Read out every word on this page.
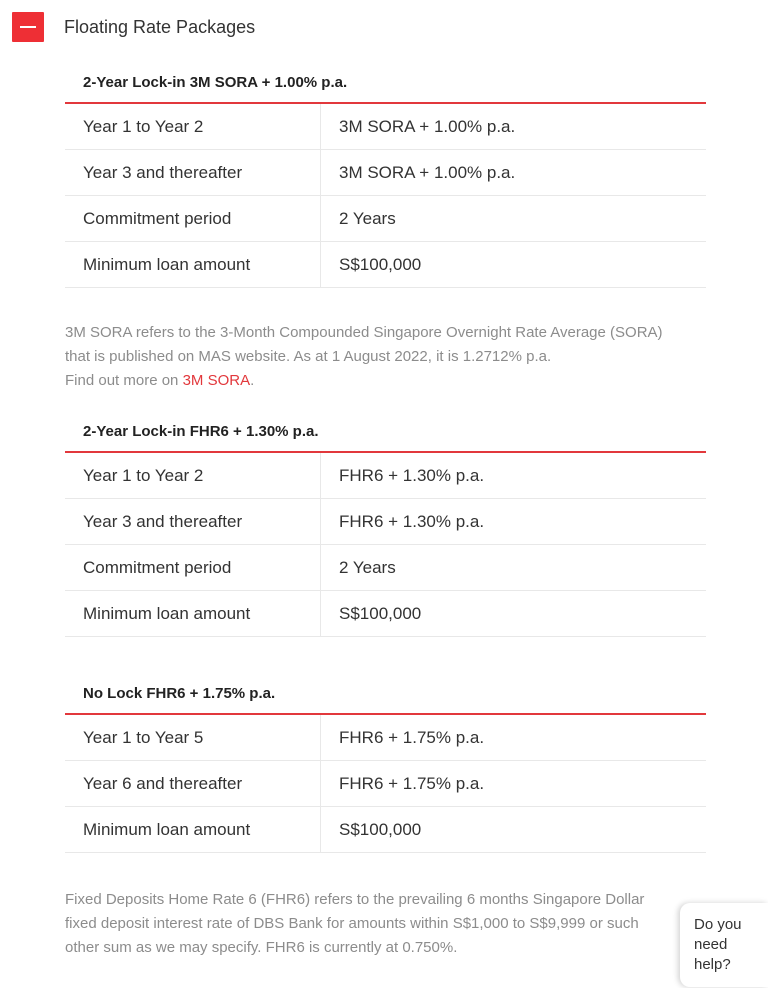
Floating Rate Packages
2-Year Lock-in 3M SORA + 1.00% p.a.
Year 1 to Year 2	3M SORA + 1.00% p.a.
Year 3 and thereafter	3M SORA + 1.00% p.a.
Commitment period	2 Years
Minimum loan amount	S$100,000
3M SORA refers to the 3-Month Compounded Singapore Overnight Rate Average (SORA)
that is published on MAS website. As at 1 August 2022, it is 1.2712% p.a.
Find out more on 3M SORA.
2-Year Lock-in FHR6 + 1.30% p.a.
Year 1 to Year 2	FHR6 + 1.30% p.a.
Year 3 and thereafter	FHR6 + 1.30% p.a.
Commitment period	2 Years
Minimum loan amount	S$100,000
No Lock FHR6 + 1.75% p.a.
Year 1 to Year 5	FHR6 + 1.75% p.a.
Year 6 and thereafter	FHR6 + 1.75% p.a.
Minimum loan amount	S$100,000
Fixed Deposits Home Rate 6 (FHR6) refers to the prevailing 6 months Singapore Dollar
fixed deposit interest rate of DBS Bank for amounts within S$1,000 to S$9,999 or such
other sum as we may specify. FHR6 is currently at 0.750%.
Do you need help?
